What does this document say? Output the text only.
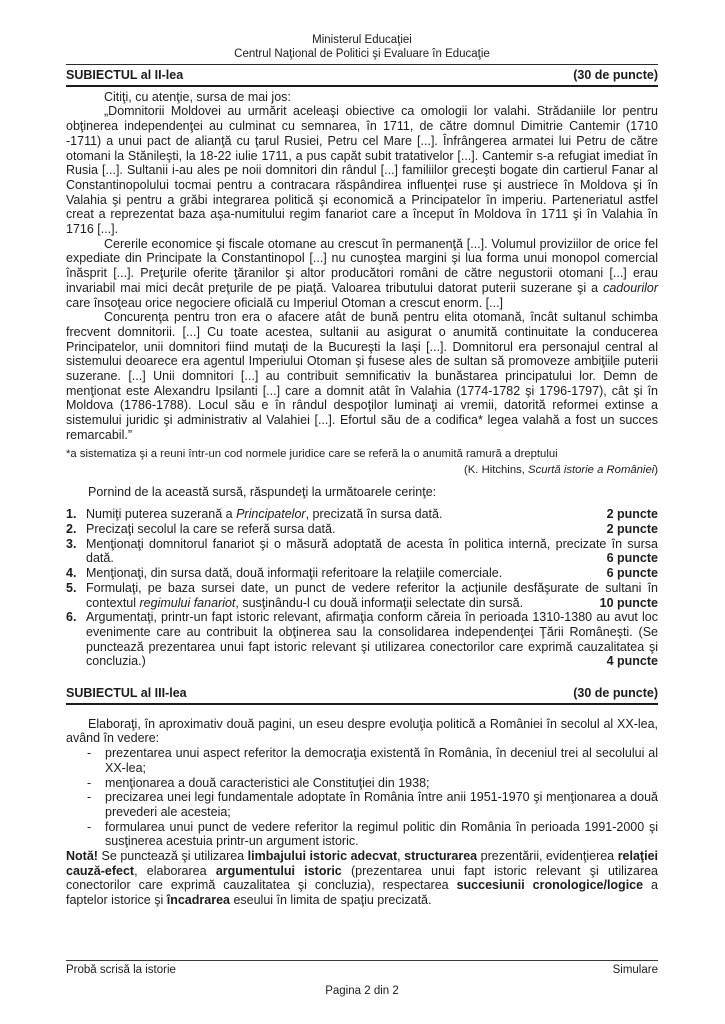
Ministerul Educaţiei
Centrul Naţional de Politici şi Evaluare în Educaţie
SUBIECTUL al II-lea	(30 de puncte)

Citiţi, cu atenţie, sursa de mai jos:

„Domnitorii Moldovei au urmărit aceleaşi obiective ca omologii lor valahi. Strădaniile lor pentru obţinerea independenţei au culminat cu semnarea, în 1711, de către domnul Dimitrie Cantemir (1710 -1711) a unui pact de alianţă cu ţarul Rusiei, Petru cel Mare [...]. Înfrângerea armatei lui Petru de către otomani la Stănileşti, la 18-22 iulie 1711, a pus capăt subit tratativelor [...]. Cantemir s-a refugiat imediat în Rusia [...]. Sultanii i-au ales pe noii domnitori din rândul [...] familiilor greceşti bogate din cartierul Fanar al Constantinopolului tocmai pentru a contracara răspândirea influenţei ruse şi austriece în Moldova şi în Valahia şi pentru a grăbi integrarea politică şi economică a Principatelor în imperiu. Parteneriatul astfel creat a reprezentat baza aşa-numitului regim fanariot care a început în Moldova în 1711 şi în Valahia în 1716 [...].

Cererile economice şi fiscale otomane au crescut în permanenţă [...]. Volumul proviziilor de orice fel expediate din Principate la Constantinopol [...] nu cunoştea margini şi lua forma unui monopol comercial înăsprit [...]. Preţurile oferite ţăranilor şi altor producători români de către negustorii otomani [...] erau invariabil mai mici decât preţurile de pe piaţă. Valoarea tributului datorat puterii suzerane şi a cadourilor care însoţeau orice negociere oficială cu Imperiul Otoman a crescut enorm. [...]

Concurenţa pentru tron era o afacere atât de bună pentru elita otomană, încât sultanul schimba frecvent domnitorii. [...] Cu toate acestea, sultanii au asigurat o anumită continuitate la conducerea Principatelor, unii domnitori fiind mutaţi de la Bucureşti la Iaşi [...]. Domnitorul era personajul central al sistemului deoarece era agentul Imperiului Otoman şi fusese ales de sultan să promoveze ambiţiile puterii suzerane. [...] Unii domnitori [...] au contribuit semnificativ la bunăstarea principatului lor. Demn de menţionat este Alexandru Ipsilanti [...] care a domnit atât în Valahia (1774-1782 şi 1796-1797), cât şi în Moldova (1786-1788). Locul său e în rândul despoţilor luminaţi ai vremii, datorită reformei extinse a sistemului juridic şi administrativ al Valahiei [...]. Efortul său de a codifica* legea valahă a fost un succes remarcabil.”

*a sistematiza şi a reuni într-un cod normele juridice care se referă la o anumită ramură a dreptului

(K. Hitchins, Scurtă istorie a României)

Pornind de la această sursă, răspundeţi la următoarele cerinţe:

1. Numiţi puterea suzerană a Principatelor, precizată în sursa dată.	2 puncte
2. Precizaţi secolul la care se referă sursa dată.	2 puncte
3. Menţionaţi domnitorul fanariot şi o măsură adoptată de acesta în politica internă, precizate în sursa dată.	6 puncte
4. Menţionaţi, din sursa dată, două informaţii referitoare la relaţiile comerciale.	6 puncte
5. Formulaţi, pe baza sursei date, un punct de vedere referitor la acţiunile desfăşurate de sultani în contextul regimului fanariot, susţinându-l cu două informaţii selectate din sursă.	10 puncte
6. Argumentaţi, printr-un fapt istoric relevant, afirmaţia conform căreia în perioada 1310-1380 au avut loc evenimente care au contribuit la obţinerea sau la consolidarea independenţei Ţării Româneşti. (Se punctează prezentarea unui fapt istoric relevant şi utilizarea conectorilor care exprimă cauzalitatea şi concluzia.)	4 puncte
SUBIECTUL al III-lea	(30 de puncte)

Elaboraţi, în aproximativ două pagini, un eseu despre evoluţia politică a României în secolul al XX-lea, având în vedere:

- prezentarea unui aspect referitor la democraţia existentă în România, în deceniul trei al secolului al XX-lea;
- menţionarea a două caracteristici ale Constituţiei din 1938;
- precizarea unei legi fundamentale adoptate în România între anii 1951-1970 şi menţionarea a două prevederi ale acesteia;
- formularea unui punct de vedere referitor la regimul politic din România în perioada 1991-2000 şi susţinerea acestuia printr-un argument istoric.

Notă! Se punctează şi utilizarea limbajului istoric adecvat, structurarea prezentării, evidenţierea relaţiei cauză-efect, elaborarea argumentului istoric (prezentarea unui fapt istoric relevant şi utilizarea conectorilor care exprimă cauzalitatea şi concluzia), respectarea succesiunii cronologice/logice a faptelor istorice şi încadrarea eseului în limita de spaţiu precizată.

Probă scrisă la istorie	Simulare
Pagina 2 din 2
